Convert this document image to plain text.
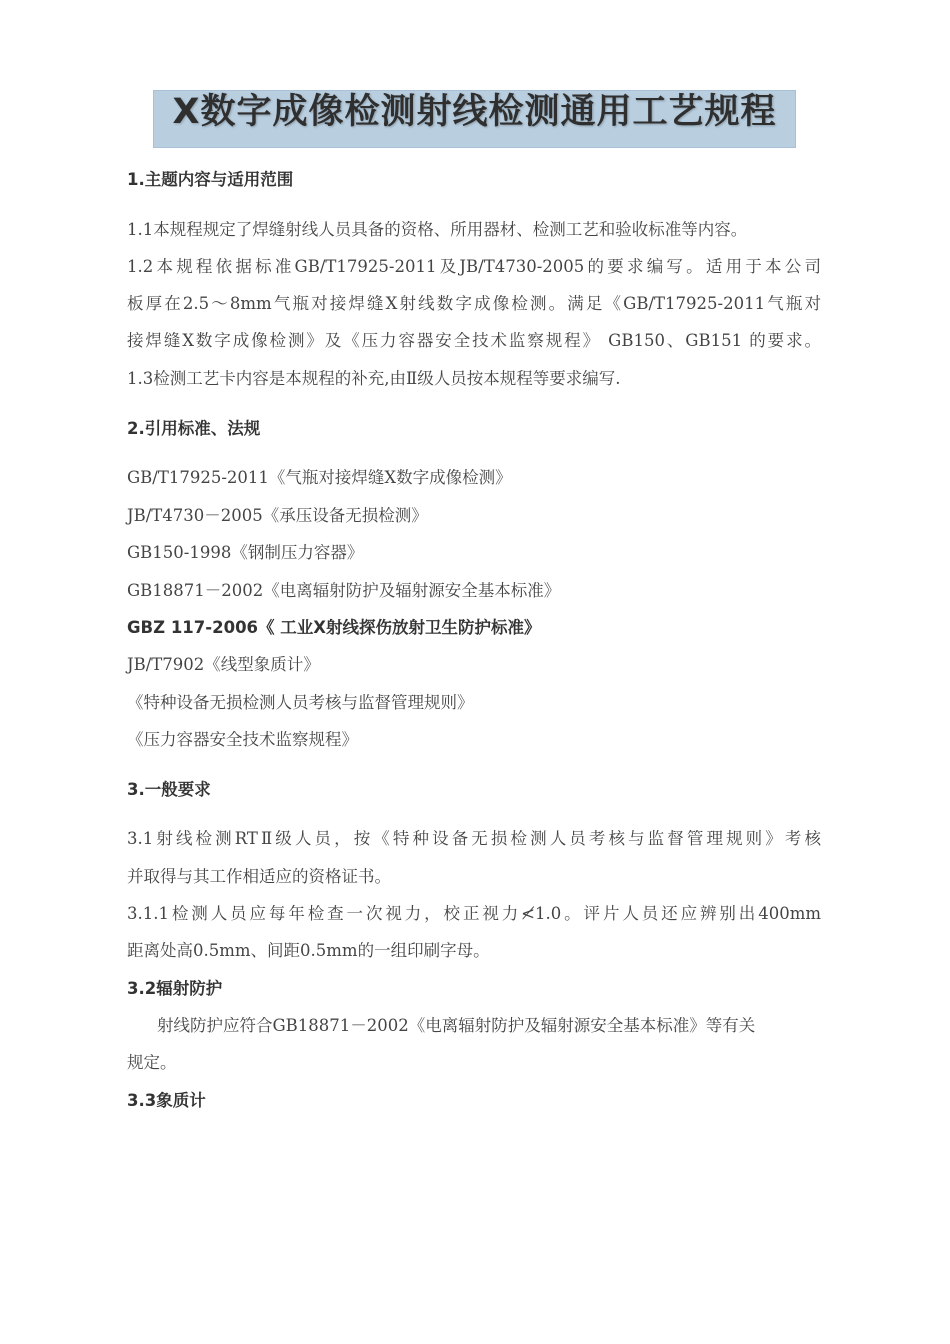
X数字成像检测射线检测通用工艺规程
1.主题内容与适用范围
1.1本规程规定了焊缝射线人员具备的资格、所用器材、检测工艺和验收标准等内容。
1.2本规程依据标准GB/T17925-2011及JB/T4730-2005的要求编写。适用于本公司
板厚在2.5～8mm气瓶对接焊缝X射线数字成像检测。满足《GB/T17925-2011气瓶对
接焊缝X数字成像检测》及《压力容器安全技术监察规程》 GB150、GB151 的要求。
1.3检测工艺卡内容是本规程的补充,由Ⅱ级人员按本规程等要求编写.
2.引用标准、法规
GB/T17925-2011《气瓶对接焊缝X数字成像检测》
JB/T4730－2005《承压设备无损检测》
GB150-1998《钢制压力容器》
GB18871－2002《电离辐射防护及辐射源安全基本标准》
GBZ 117-2006《 工业X射线探伤放射卫生防护标准》
JB/T7902《线型象质计》
《特种设备无损检测人员考核与监督管理规则》
《压力容器安全技术监察规程》
3.一般要求
3.1射线检测RTⅡ级人员，按《特种设备无损检测人员考核与监督管理规则》考核
并取得与其工作相适应的资格证书。
3.1.1检测人员应每年检查一次视力，校正视力≮1.0。评片人员还应辨别出400mm
距离处高0.5mm、间距0.5mm的一组印刷字母。
3.2辐射防护
射线防护应符合GB18871－2002《电离辐射防护及辐射源安全基本标准》等有关
规定。
3.3象质计
